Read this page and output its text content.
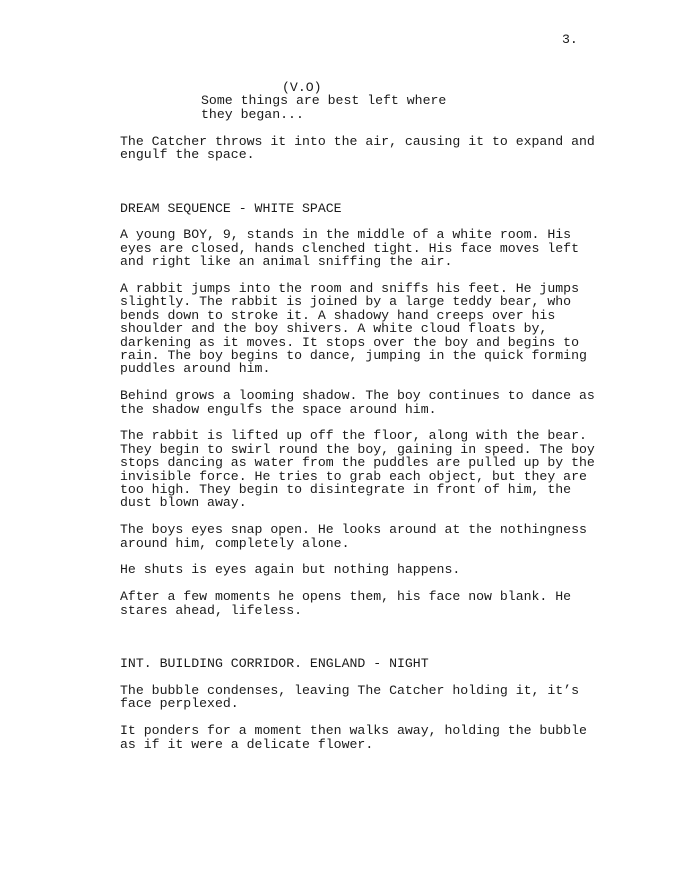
3.
(V.O)
Some things are best left where
they began...
The Catcher throws it into the air, causing it to expand and
engulf the space.
DREAM SEQUENCE - WHITE SPACE
A young BOY, 9, stands in the middle of a white room. His
eyes are closed, hands clenched tight. His face moves left
and right like an animal sniffing the air.
A rabbit jumps into the room and sniffs his feet. He jumps
slightly. The rabbit is joined by a large teddy bear, who
bends down to stroke it. A shadowy hand creeps over his
shoulder and the boy shivers. A white cloud floats by,
darkening as it moves. It stops over the boy and begins to
rain. The boy begins to dance, jumping in the quick forming
puddles around him.
Behind grows a looming shadow. The boy continues to dance as
the shadow engulfs the space around him.
The rabbit is lifted up off the floor, along with the bear.
They begin to swirl round the boy, gaining in speed. The boy
stops dancing as water from the puddles are pulled up by the
invisible force. He tries to grab each object, but they are
too high. They begin to disintegrate in front of him, the
dust blown away.
The boys eyes snap open. He looks around at the nothingness
around him, completely alone.
He shuts is eyes again but nothing happens.
After a few moments he opens them, his face now blank. He
stares ahead, lifeless.
INT. BUILDING CORRIDOR. ENGLAND - NIGHT
The bubble condenses, leaving The Catcher holding it, it’s
face perplexed.
It ponders for a moment then walks away, holding the bubble
as if it were a delicate flower.
